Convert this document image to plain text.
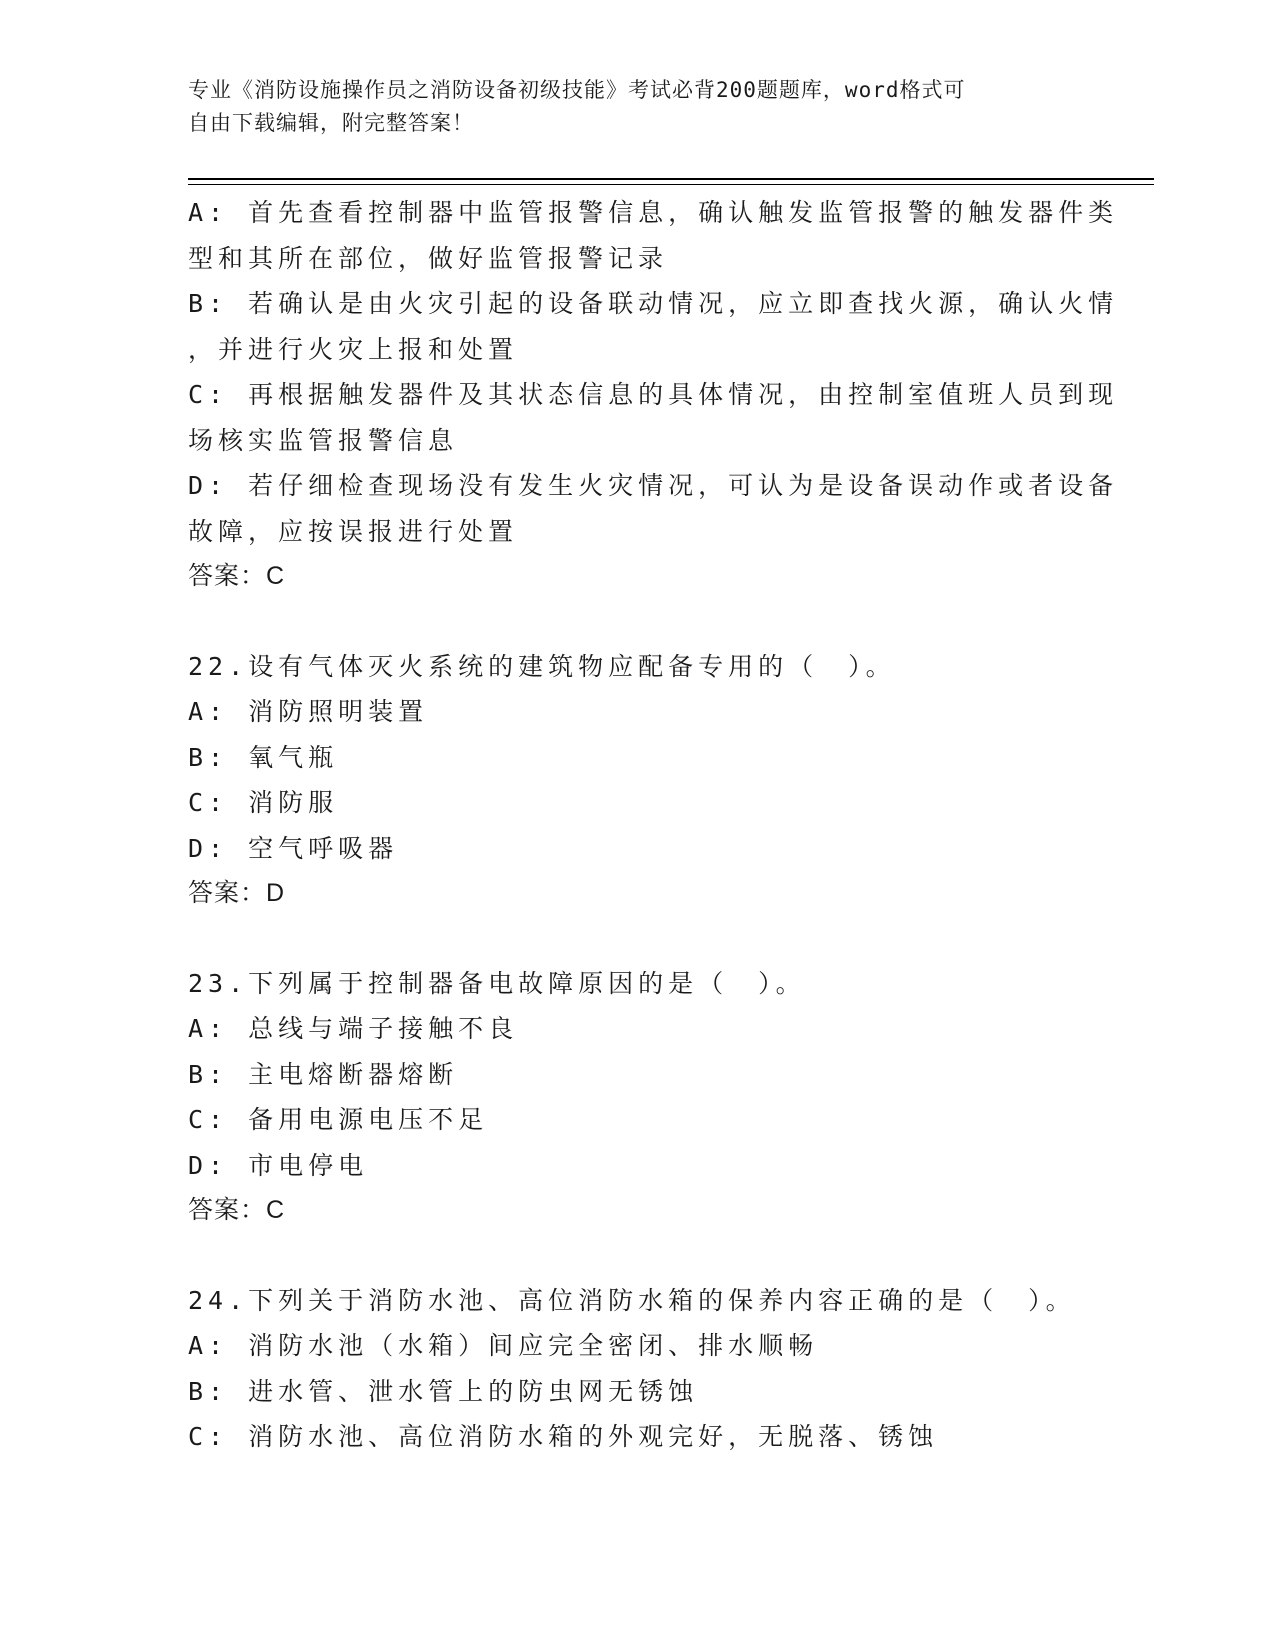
专业《消防设施操作员之消防设备初级技能》考试必背200题题库，word格式可
自由下载编辑，附完整答案！
A: 首先查看控制器中监管报警信息，确认触发监管报警的触发器件类
型和其所在部位，做好监管报警记录
B: 若确认是由火灾引起的设备联动情况，应立即查找火源，确认火情
，并进行火灾上报和处置
C: 再根据触发器件及其状态信息的具体情况，由控制室值班人员到现
场核实监管报警信息
D: 若仔细检查现场没有发生火灾情况，可认为是设备误动作或者设备
故障，应按误报进行处置
答案：C
22.设有气体灭火系统的建筑物应配备专用的（　）。
A: 消防照明装置
B: 氧气瓶
C: 消防服
D: 空气呼吸器
答案：D
23.下列属于控制器备电故障原因的是（　）。
A: 总线与端子接触不良
B: 主电熔断器熔断
C: 备用电源电压不足
D: 市电停电
答案：C
24.下列关于消防水池、高位消防水箱的保养内容正确的是（　）。
A: 消防水池（水箱）间应完全密闭、排水顺畅
B: 进水管、泄水管上的防虫网无锈蚀
C: 消防水池、高位消防水箱的外观完好，无脱落、锈蚀
